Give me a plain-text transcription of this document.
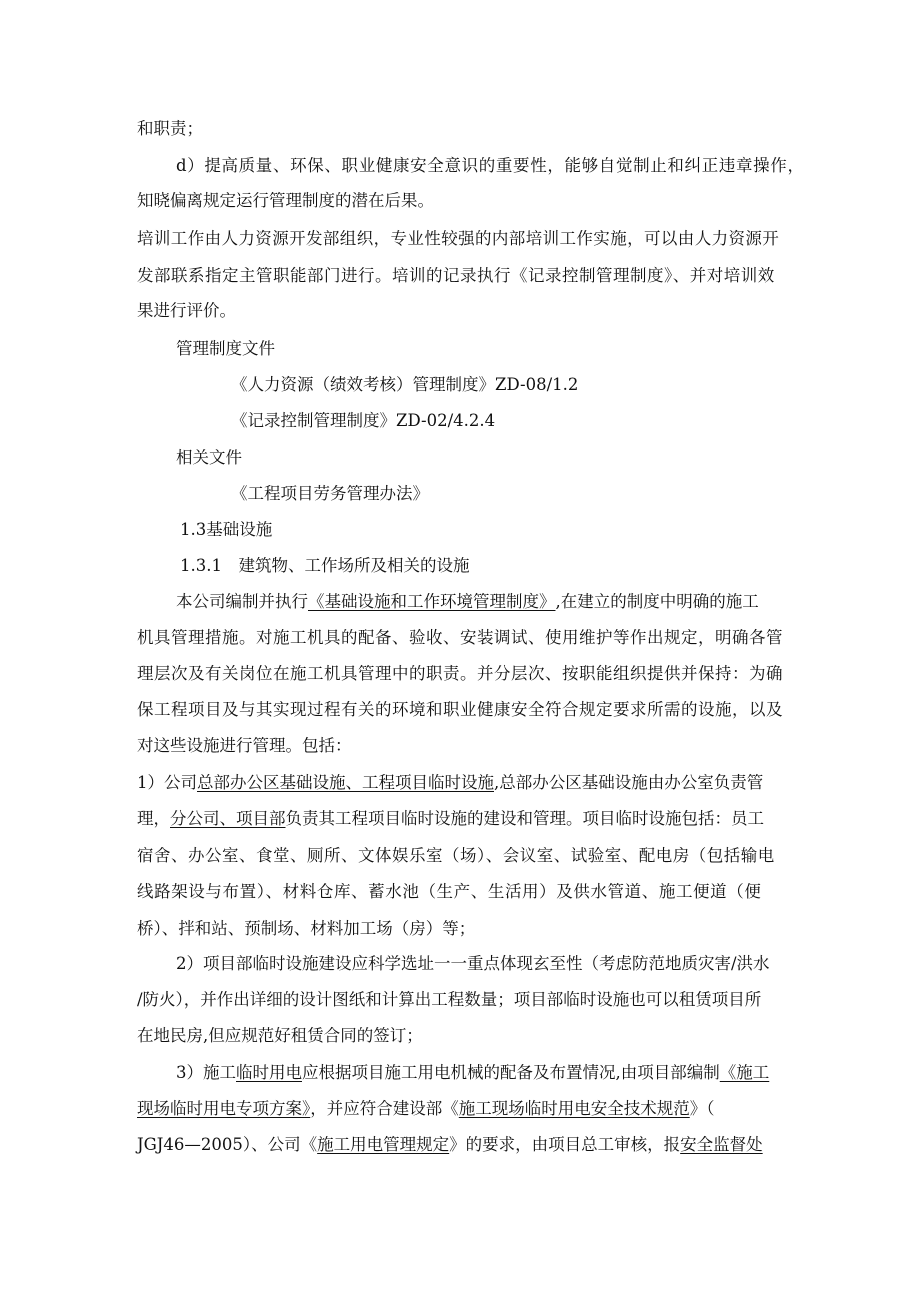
和职责；
d）提高质量、环保、职业健康安全意识的重要性，能够自觉制止和纠正违章操作，
知晓偏离规定运行管理制度的潜在后果。
培训工作由人力资源开发部组织，专业性较强的内部培训工作实施，可以由人力资源开
发部联系指定主管职能部门进行。培训的记录执行《记录控制管理制度》、并对培训效
果进行评价。
管理制度文件
《人力资源（绩效考核）管理制度》ZD-08/1.2
《记录控制管理制度》ZD-02/4.2.4
相关文件
《工程项目劳务管理办法》
1.3基础设施
1.3.1　建筑物、工作场所及相关的设施
本公司编制并执行《基础设施和工作环境管理制度》,在建立的制度中明确的施工
机具管理措施。对施工机具的配备、验收、安装调试、使用维护等作出规定，明确各管
理层次及有关岗位在施工机具管理中的职责。并分层次、按职能组织提供并保持：为确
保工程项目及与其实现过程有关的环境和职业健康安全符合规定要求所需的设施，以及
对这些设施进行管理。包括：
1）公司总部办公区基础设施、工程项目临时设施,总部办公区基础设施由办公室负责管
理，分公司、项目部负责其工程项目临时设施的建设和管理。项目临时设施包括：员工
宿舍、办公室、食堂、厕所、文体娱乐室（场）、会议室、试验室、配电房（包括输电
线路架设与布置）、材料仓库、蓄水池（生产、生活用）及供水管道、施工便道（便
桥）、拌和站、预制场、材料加工场（房）等；
2）项目部临时设施建设应科学选址一一重点体现玄至性（考虑防范地质灾害/洪水
/防火），并作出详细的设计图纸和计算出工程数量；项目部临时设施也可以租赁项目所
在地民房,但应规范好租赁合同的签订；
3）施工临时用电应根据项目施工用电机械的配备及布置情况,由项目部编制《施工
现场临时用电专项方案》，并应符合建设部《施工现场临时用电安全技术规范》（
JGJ46—2005）、公司《施工用电管理规定》的要求，由项目总工审核，报安全监督处
